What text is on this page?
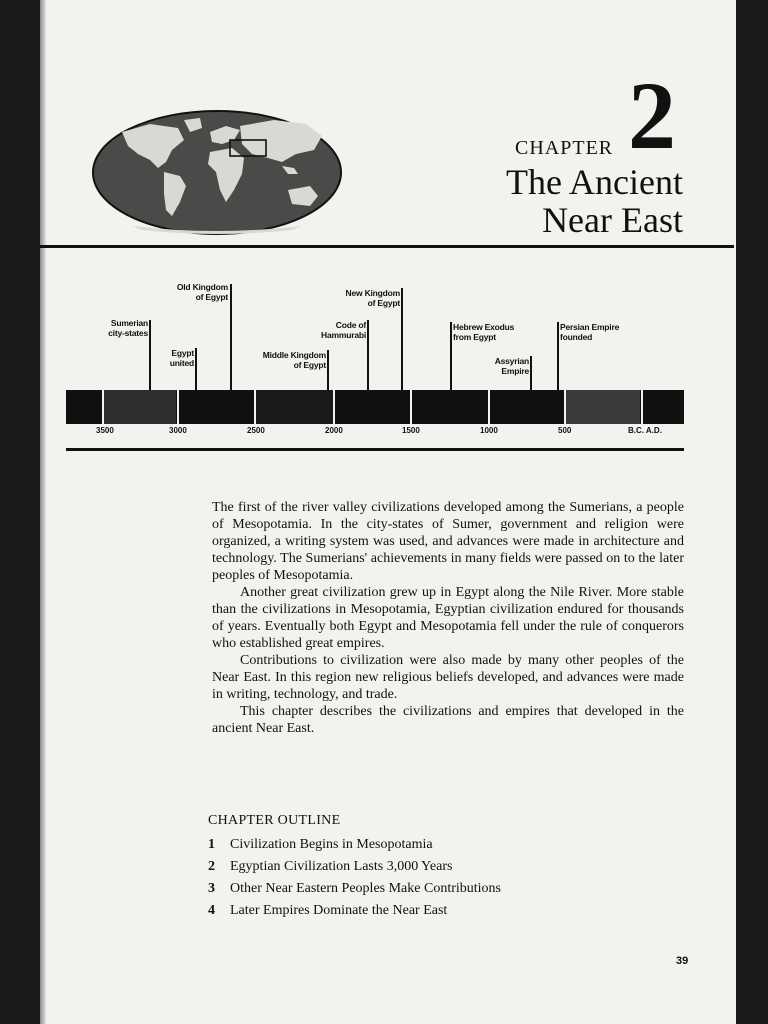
CHAPTER 2
The Ancient
Near East
Sumerian
city-states
Old Kingdom
of Egypt
Egypt
united
Middle Kingdom
of Egypt
Code of
Hammurabi
New Kingdom
of Egypt
Hebrew Exodus
from Egypt
Assyrian
Empire
Persian Empire
founded
3500	3000	2500	2000	1500	1000	500	B.C. A.D.

The first of the river valley civilizations developed among the Sumerians, a people of Mesopotamia. In the city-states of Sumer, government and religion were organized, a writing system was used, and advances were made in architecture and technology. The Sumerians' achievements in many fields were passed on to the later peoples of Mesopotamia.

Another great civilization grew up in Egypt along the Nile River. More stable than the civilizations in Mesopotamia, Egyptian civilization endured for thousands of years. Eventually both Egypt and Mesopotamia fell under the rule of conquerors who established great empires.

Contributions to civilization were also made by many other peoples of the Near East. In this region new religious beliefs developed, and advances were made in writing, technology, and trade.

This chapter describes the civilizations and empires that developed in the ancient Near East.

CHAPTER OUTLINE
1 Civilization Begins in Mesopotamia
2 Egyptian Civilization Lasts 3,000 Years
3 Other Near Eastern Peoples Make Contributions
4 Later Empires Dominate the Near East
39
